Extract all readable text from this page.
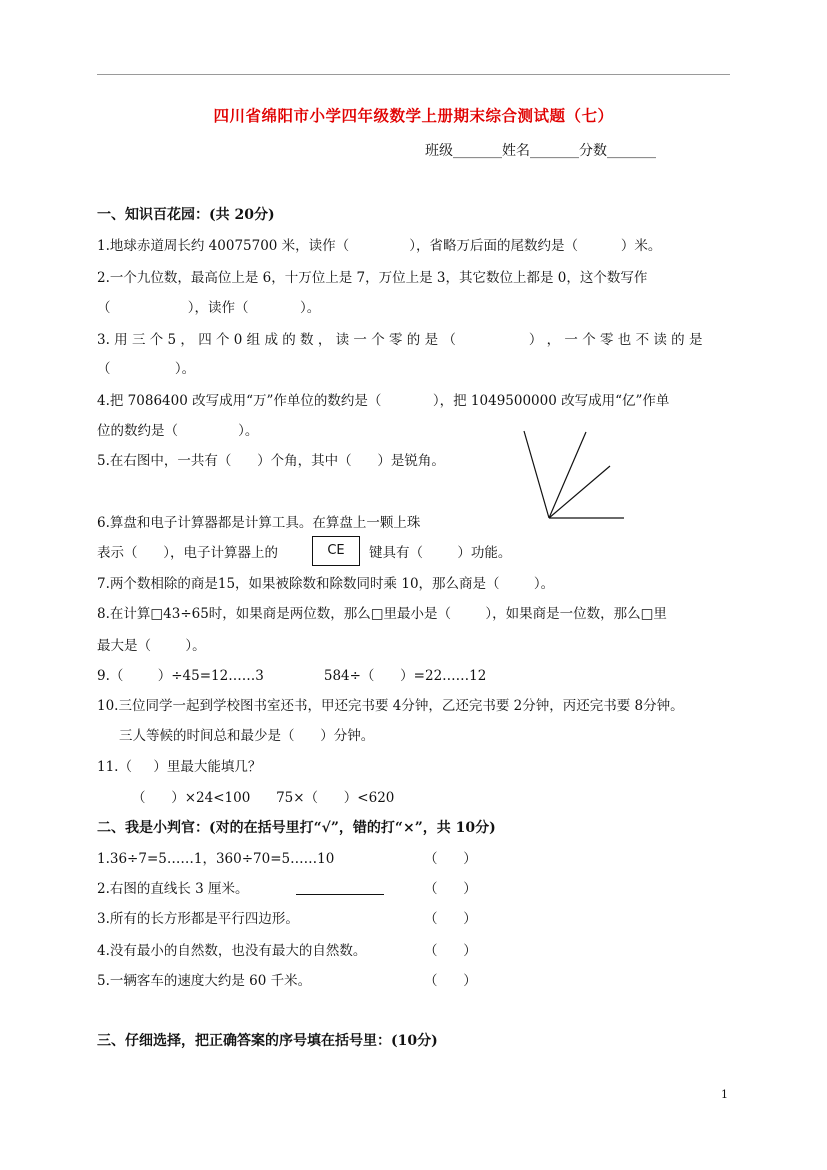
四川省绵阳市小学四年级数学上册期末综合测试题（七）
班级_______姓名_______分数_______
一、知识百花园：(共 20分)
1.地球赤道周长约 40075700 米，读作（              ），省略万后面的尾数约是（          ）米。
2.一个九位数，最高位上是 6，十万位上是 7，万位上是 3，其它数位上都是 0，这个数写作
（                  ），读作（            ）。
3. 用 三 个 5 ， 四 个 0 组 成 的 数 ， 读 一 个 零 的 是 （                 ） ， 一 个 零 也 不 读 的 是
（               ）。
4.把 7086400 改写成用“万”作单位的数约是（            ），把 1049500000 改写成用“亿”作单
位的数约是（              ）。
5.在右图中，一共有（      ）个角，其中（      ）是锐角。
6.算盘和电子计算器都是计算工具。在算盘上一颗上珠
表示（      ），电子计算器上的	CE	键具有（        ）功能。
7.两个数相除的商是15，如果被除数和除数同时乘 10，那么商是（        ）。
8.在计算□43÷65时，如果商是两位数，那么□里最小是（        ），如果商是一位数，那么□里
最大是（        ）。
9.（        ）÷45=12……3              584÷（      ）=22……12
10.三位同学一起到学校图书室还书，甲还完书要 4分钟，乙还完书要 2分钟，丙还完书要 8分钟。
三人等候的时间总和最少是（      ）分钟。
11.（     ）里最大能填几？
（      ）×24<100      75×（      ）<620
二、我是小判官：(对的在括号里打“√”，错的打“×”，共 10分)
1.36÷7=5……1，360÷70=5……10	（      ）
2.右图的直线长 3 厘米。	（      ）
3.所有的长方形都是平行四边形。	（      ）
4.没有最小的自然数，也没有最大的自然数。	（      ）
5.一辆客车的速度大约是 60 千米。	（      ）
三、仔细选择，把正确答案的序号填在括号里：(10分)
1
